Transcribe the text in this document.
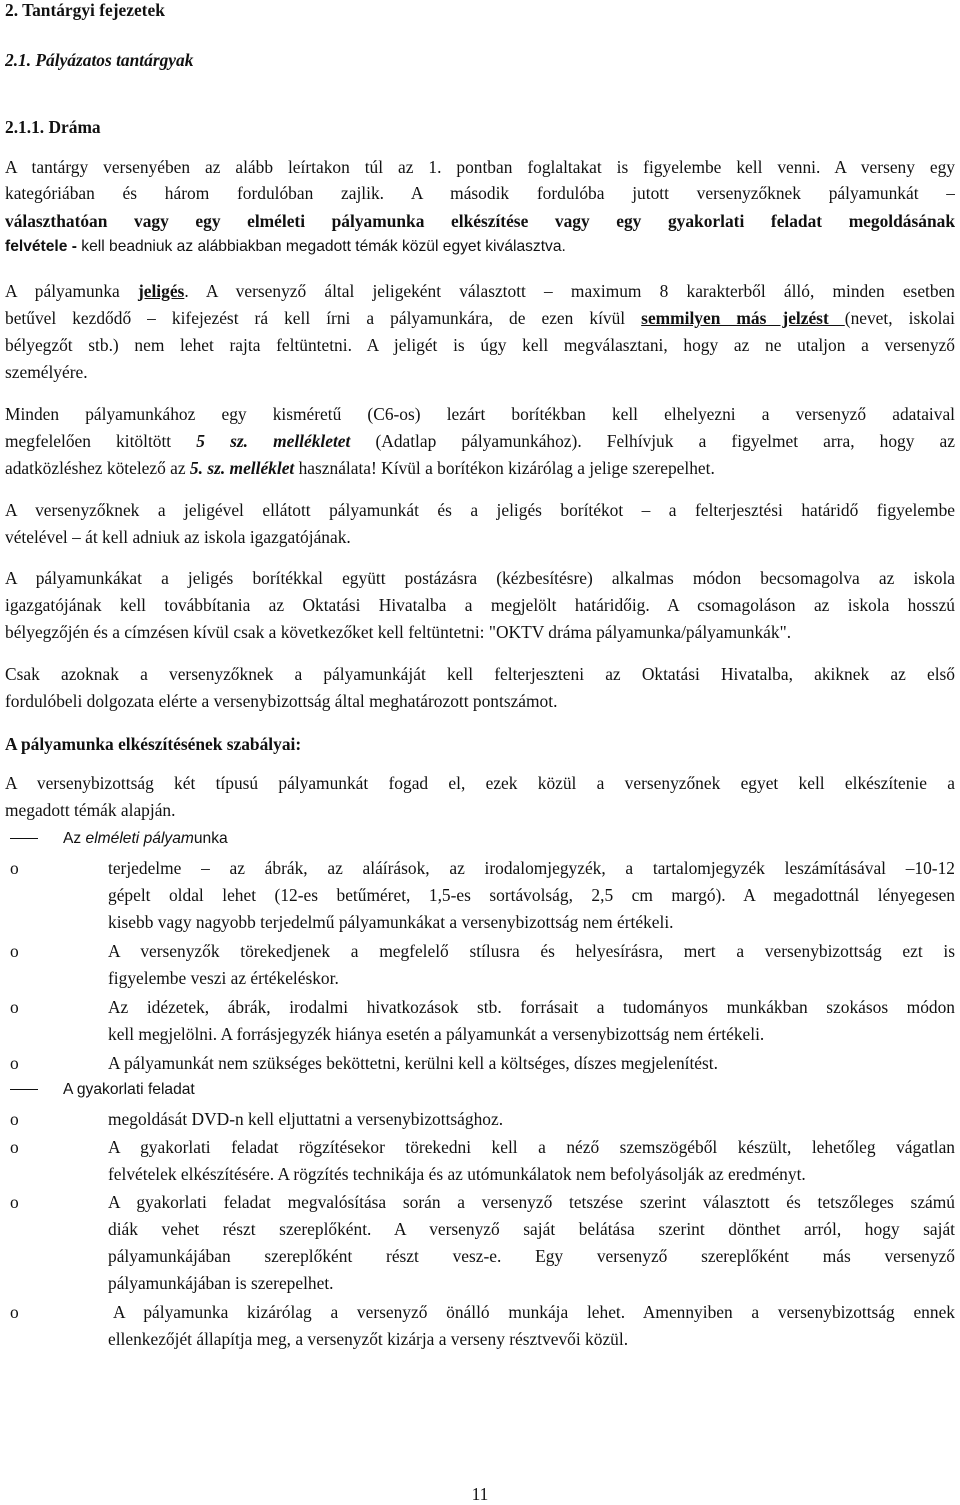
2. Tantárgyi fejezetek
2.1. Pályázatos tantárgyak
2.1.1. Dráma
A tantárgy versenyében az alább leírtakon túl az 1. pontban foglaltakat is figyelembe kell venni. A verseny egy
kategóriában és három fordulóban zajlik. A második fordulóba jutott versenyzőknek pályamunkát –
választhatóan vagy egy elméleti pályamunka elkészítése vagy egy gyakorlati feladat megoldásának
felvétele - kell beadniuk az alábbiakban megadott témák közül egyet kiválasztva.
A pályamunka jeligés. A versenyző által jeligeként választott – maximum 8 karakterből álló, minden esetben
betűvel kezdődő – kifejezést rá kell írni a pályamunkára, de ezen kívül semmilyen más jelzést (nevet, iskolai
bélyegzőt stb.) nem lehet rajta feltüntetni. A jeligét is úgy kell megválasztani, hogy az ne utaljon a versenyző
személyére.
Minden pályamunkához egy kisméretű (C6-os) lezárt borítékban kell elhelyezni a versenyző adataival
megfelelően kitöltött 5 sz. mellékletet (Adatlap pályamunkához). Felhívjuk a figyelmet arra, hogy az
adatközléshez kötelező az 5. sz. melléklet használata! Kívül a borítékon kizárólag a jelige szerepelhet.
A versenyzőknek a jeligével ellátott pályamunkát és a jeligés borítékot – a felterjesztési határidő figyelembe
vételével – át kell adniuk az iskola igazgatójának.
A pályamunkákat a jeligés borítékkal együtt postázásra (kézbesítésre) alkalmas módon becsomagolva az iskola
igazgatójának kell továbbítania az Oktatási Hivatalba a megjelölt határidőig. A csomagoláson az iskola hosszú
bélyegzőjén és a címzésen kívül csak a következőket kell feltüntetni: "OKTV dráma pályamunka/pályamunkák".
Csak azoknak a versenyzőknek a pályamunkáját kell felterjeszteni az Oktatási Hivatalba, akiknek az első
fordulóbeli dolgozata elérte a versenybizottság által meghatározott pontszámot.
A pályamunka elkészítésének szabályai:
A versenybizottság két típusú pályamunkát fogad el, ezek közül a versenyzőnek egyet kell elkészítenie a
megadott témák alapján.
Az elméleti pályamunka
o	terjedelme – az ábrák, az aláírások, az irodalomjegyzék, a tartalomjegyzék leszámításával –10-12
gépelt oldal lehet (12-es betűméret, 1,5-es sortávolság, 2,5 cm margó). A megadottnál lényegesen
kisebb vagy nagyobb terjedelmű pályamunkákat a versenybizottság nem értékeli.
o	A versenyzők törekedjenek a megfelelő stílusra és helyesírásra, mert a versenybizottság ezt is
figyelembe veszi az értékeléskor.
o	Az idézetek, ábrák, irodalmi hivatkozások stb. forrásait a tudományos munkákban szokásos módon
kell megjelölni. A forrásjegyzék hiánya esetén a pályamunkát a versenybizottság nem értékeli.
o	A pályamunkát nem szükséges beköttetni, kerülni kell a költséges, díszes megjelenítést.
A gyakorlati feladat
o	megoldását DVD-n kell eljuttatni a versenybizottsághoz.
o	A gyakorlati feladat rögzítésekor törekedni kell a néző szemszögéből készült, lehetőleg vágatlan
felvételek elkészítésére. A rögzítés technikája és az utómunkálatok nem befolyásolják az eredményt.
o	A gyakorlati feladat megvalósítása során a versenyző tetszése szerint választott és tetszőleges számú
diák vehet részt szereplőként. A versenyző saját belátása szerint dönthet arról, hogy saját
pályamunkájában szereplőként részt vesz-e. Egy versenyző szereplőként más versenyző
pályamunkájában is szerepelhet.
o	A pályamunka kizárólag a versenyző önálló munkája lehet. Amennyiben a versenybizottság ennek
ellenkezőjét állapítja meg, a versenyzőt kizárja a verseny résztvevői közül.
11
